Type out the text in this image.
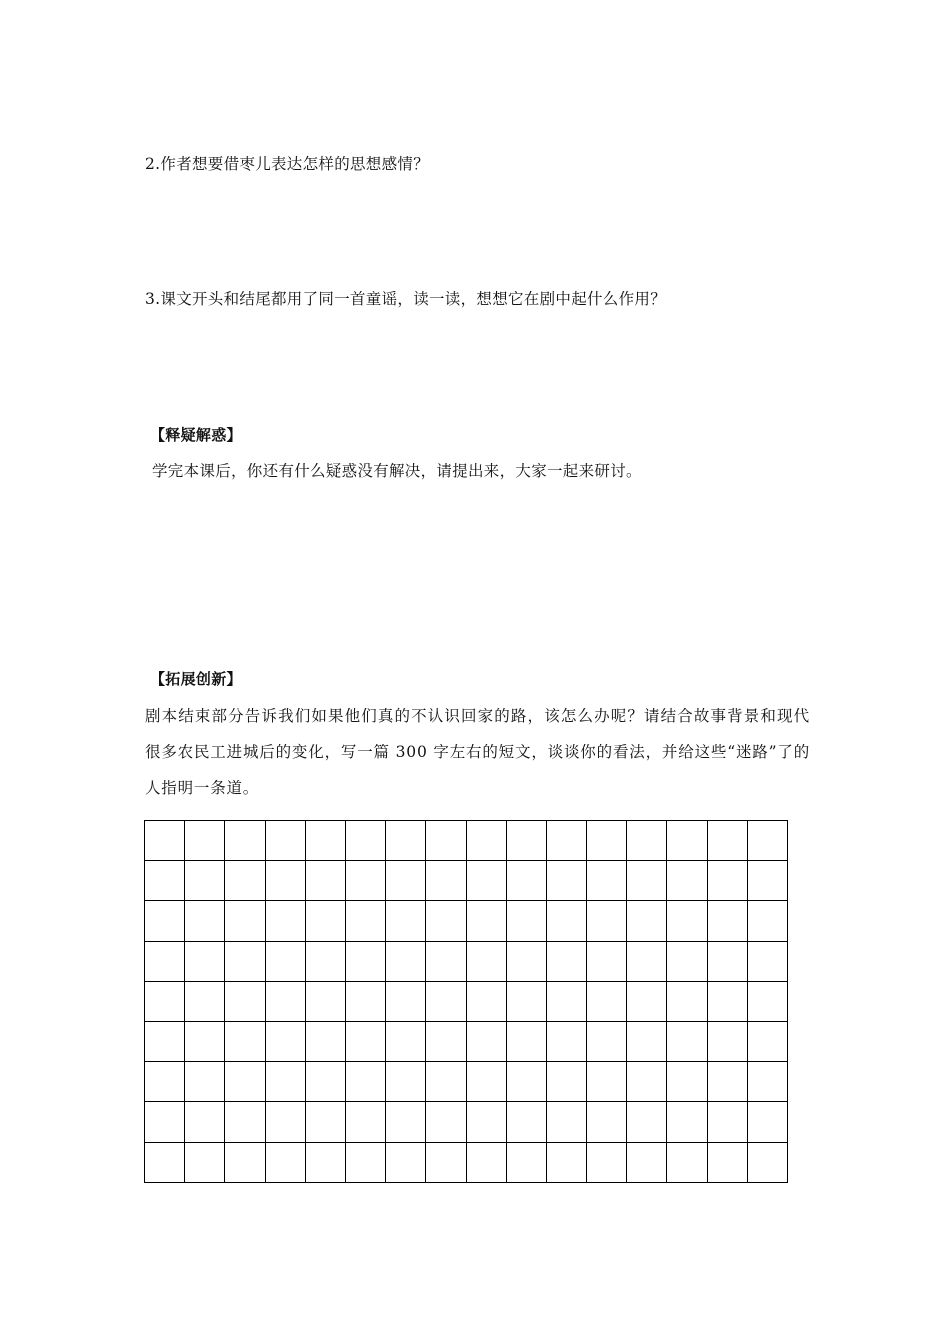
2.作者想要借枣儿表达怎样的思想感情？
3.课文开头和结尾都用了同一首童谣，读一读，想想它在剧中起什么作用？
【释疑解惑】
学完本课后，你还有什么疑惑没有解决，请提出来，大家一起来研讨。
【拓展创新】
剧本结束部分告诉我们如果他们真的不认识回家的路，该怎么办呢？请结合故事背景和现代很多农民工进城后的变化，写一篇 300 字左右的短文，谈谈你的看法，并给这些“迷路”了的人指明一条道。
